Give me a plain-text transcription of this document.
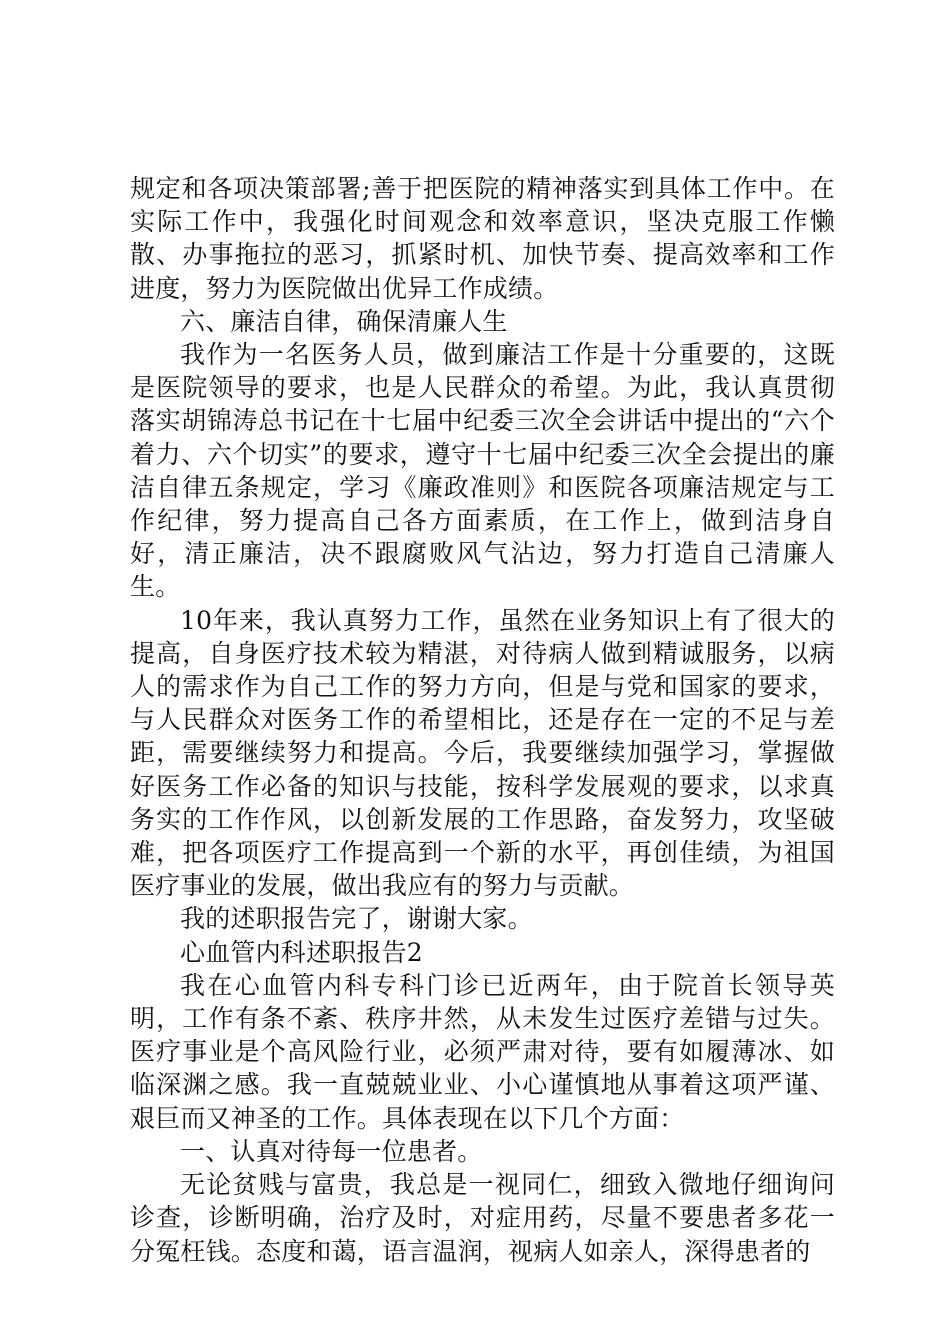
规定和各项决策部署;善于把医院的精神落实到具体工作中。在实际工作中，我强化时间观念和效率意识，坚决克服工作懒散、办事拖拉的恶习，抓紧时机、加快节奏、提高效率和工作进度，努力为医院做出优异工作成绩。

六、廉洁自律，确保清廉人生

我作为一名医务人员，做到廉洁工作是十分重要的，这既是医院领导的要求，也是人民群众的希望。为此，我认真贯彻落实胡锦涛总书记在十七届中纪委三次全会讲话中提出的“六个着力、六个切实”的要求，遵守十七届中纪委三次全会提出的廉洁自律五条规定，学习《廉政准则》和医院各项廉洁规定与工作纪律，努力提高自己各方面素质，在工作上，做到洁身自好，清正廉洁，决不跟腐败风气沾边，努力打造自己清廉人生。

10年来，我认真努力工作，虽然在业务知识上有了很大的提高，自身医疗技术较为精湛，对待病人做到精诚服务，以病人的需求作为自己工作的努力方向，但是与党和国家的要求，与人民群众对医务工作的希望相比，还是存在一定的不足与差距，需要继续努力和提高。今后，我要继续加强学习，掌握做好医务工作必备的知识与技能，按科学发展观的要求，以求真务实的工作作风，以创新发展的工作思路，奋发努力，攻坚破难，把各项医疗工作提高到一个新的水平，再创佳绩，为祖国医疗事业的发展，做出我应有的努力与贡献。

我的述职报告完了，谢谢大家。

心血管内科述职报告2

我在心血管内科专科门诊已近两年，由于院首长领导英明，工作有条不紊、秩序井然，从未发生过医疗差错与过失。医疗事业是个高风险行业，必须严肃对待，要有如履薄冰、如临深渊之感。我一直兢兢业业、小心谨慎地从事着这项严谨、艰巨而又神圣的工作。具体表现在以下几个方面：

一、认真对待每一位患者。

无论贫贱与富贵，我总是一视同仁，细致入微地仔细询问诊查，诊断明确，治疗及时，对症用药，尽量不要患者多花一分冤枉钱。态度和蔼，语言温润，视病人如亲人，深得患者的
